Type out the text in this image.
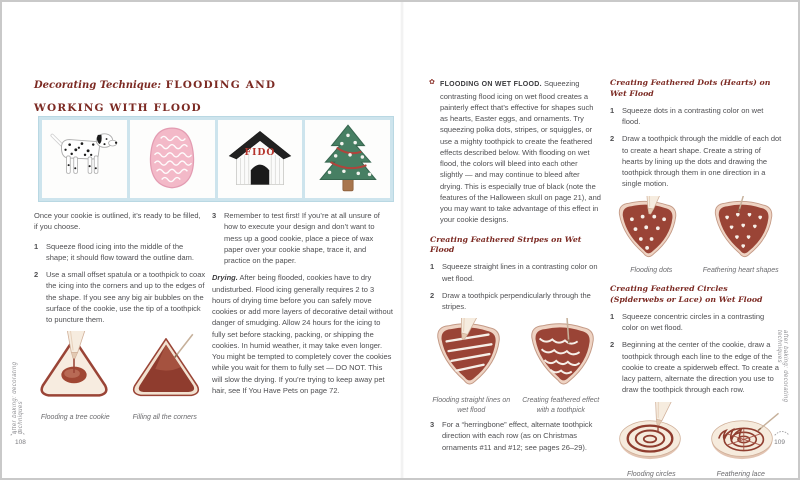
Decorating Technique: FLOODING AND
WORKING WITH FLOOD
FIDO

Once your cookie is outlined, it’s ready to be filled, if you choose.

1	Squeeze flood icing into the middle of the shape; it should flow toward the outline dam.
2	Use a small offset spatula or a toothpick to coax the icing into the corners and up to the edges of the shape. If you see any big air bubbles on the surface of the cookie, use the tip of a toothpick to puncture them.
Flooding a tree cookie	Filling all the corners
3	Remember to test first! If you’re at all unsure of how to execute your design and don’t want to mess up a good cookie, place a piece of wax paper over your cookie shape, trace it, and practice on the paper.

Drying. After being flooded, cookies have to dry undisturbed. Flood icing generally requires 2 to 3 hours of drying time before you can safely move cookies or add more layers of decorative detail without danger of smudging. Allow 24 hours for the icing to fully set before stacking, packing, or shipping the cookies. In humid weather, it may take even longer. You might be tempted to completely cover the cookies while you wait for them to fully set — DO NOT. This will slow the drying. If you’re trying to keep away pet hair, see If You Have Pets on page 72.

after baking: decorating techniques
108

✿ FLOODING ON WET FLOOD. Squeezing contrasting flood icing on wet flood creates a painterly effect that’s effective for shapes such as hearts, Easter eggs, and ornaments. Try squeezing polka dots, stripes, or squiggles, or use a mighty toothpick to create the feathered effects described below. With flooding on wet flood, the colors will bleed into each other slightly — and may continue to bleed after drying. This is especially true of black (note the features of the Halloween skull on page 21), and you may want to take advantage of this effect in your cookie designs.

Creating Feathered Stripes on Wet Flood
1	Squeeze straight lines in a contrasting color on wet flood.
2	Draw a toothpick perpendicularly through the stripes.
Flooding straight lines on wet flood
Creating feathered effect with a toothpick
3	For a “herringbone” effect, alternate toothpick direction with each row (as on Christmas ornaments #11 and #12; see pages 26–29).
Creating Feathered Dots (Hearts) on Wet Flood
1	Squeeze dots in a contrasting color on wet flood.
2	Draw a toothpick through the middle of each dot to create a heart shape. Create a string of hearts by lining up the dots and drawing the toothpick through them in one direction in a single motion.
Flooding dots	Feathering heart shapes
Creating Feathered Circles (Spiderwebs or Lace) on Wet Flood
1	Squeeze concentric circles in a contrasting color on wet flood.
2	Beginning at the center of the cookie, draw a toothpick through each line to the edge of the cookie to create a spiderweb effect. To create a lacy pattern, alternate the direction you use to draw the toothpick through each row.
Flooding circles	Feathering lace
after baking: decorating techniques
109
